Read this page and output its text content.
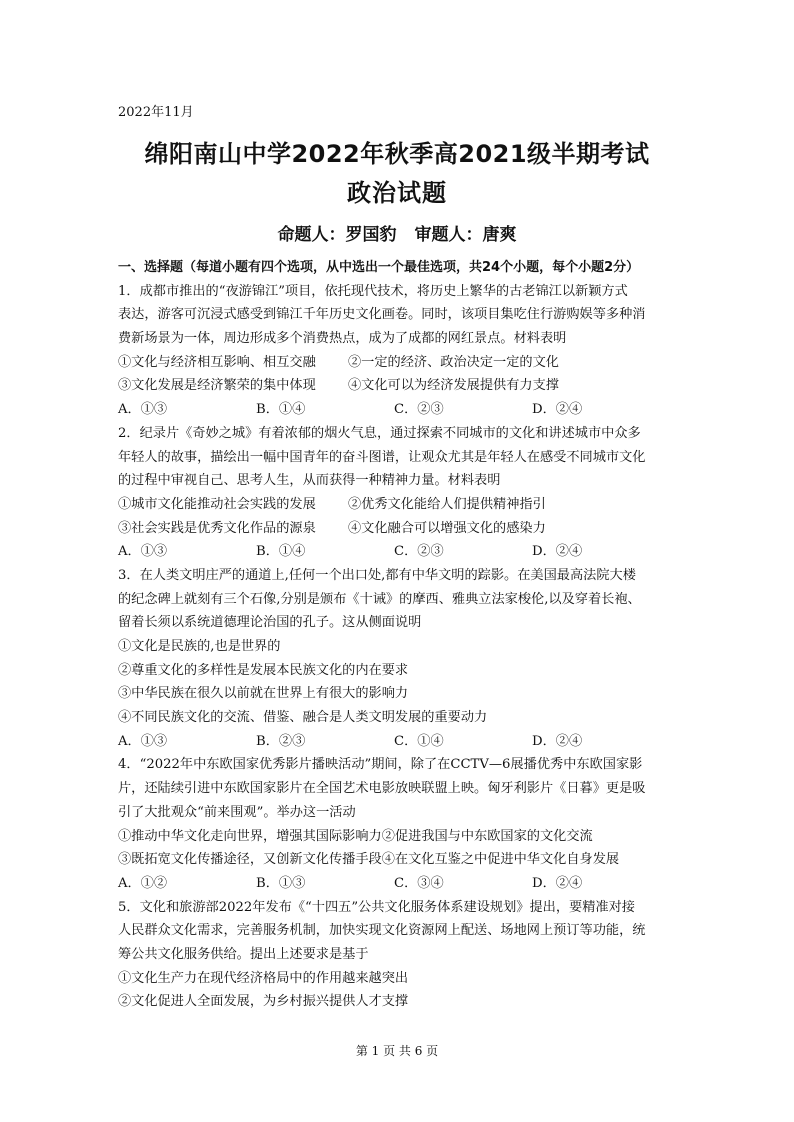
2022年11月
绵阳南山中学2022年秋季高2021级半期考试
政治试题
命题人：罗国豹 审题人：唐爽
一、选择题（每道小题有四个选项，从中选出一个最佳选项，共24个小题，每个小题2分）
1．成都市推出的“夜游锦江”项目，依托现代技术，将历史上繁华的古老锦江以新颖方式
表达，游客可沉浸式感受到锦江千年历史文化画卷。同时，该项目集吃住行游购娱等多种消
费新场景为一体，周边形成多个消费热点，成为了成都的网红景点。材料表明
①文化与经济相互影响、相互交融	②一定的经济、政治决定一定的文化
③文化发展是经济繁荣的集中体现	④文化可以为经济发展提供有力支撑
A．①③	B．①④	C．②③	D．②④
2．纪录片《奇妙之城》有着浓郁的烟火气息，通过探索不同城市的文化和讲述城市中众多
年轻人的故事，描绘出一幅中国青年的奋斗图谱，让观众尤其是年轻人在感受不同城市文化
的过程中审视自己、思考人生，从而获得一种精神力量。材料表明
①城市文化能推动社会实践的发展	②优秀文化能给人们提供精神指引
③社会实践是优秀文化作品的源泉	④文化融合可以增强文化的感染力
A．①③	B．①④	C．②③	D．②④
3．在人类文明庄严的通道上,任何一个出口处,都有中华文明的踪影。在美国最高法院大楼
的纪念碑上就刻有三个石像,分别是颁布《十诫》的摩西、雅典立法家梭伦,以及穿着长袍、
留着长须以系统道德理论治国的孔子。这从侧面说明
①文化是民族的,也是世界的
②尊重文化的多样性是发展本民族文化的内在要求
③中华民族在很久以前就在世界上有很大的影响力
④不同民族文化的交流、借鉴、融合是人类文明发展的重要动力
A．①③	B．②③	C．①④	D．②④
4．“2022年中东欧国家优秀影片播映活动”期间，除了在CCTV—6展播优秀中东欧国家影
片，还陆续引进中东欧国家影片在全国艺术电影放映联盟上映。匈牙利影片《日暮》更是吸
引了大批观众“前来围观”。举办这一活动
①推动中华文化走向世界，增强其国际影响力②促进我国与中东欧国家的文化交流
③既拓宽文化传播途径，又创新文化传播手段④在文化互鉴之中促进中华文化自身发展
A．①②	B．①③	C．③④	D．②④
5．文化和旅游部2022年发布《“十四五”公共文化服务体系建设规划》提出，要精准对接
人民群众文化需求，完善服务机制，加快实现文化资源网上配送、场地网上预订等功能，统
筹公共文化服务供给。提出上述要求是基于
①文化生产力在现代经济格局中的作用越来越突出
②文化促进人全面发展，为乡村振兴提供人才支撑
第 1 页 共 6 页
